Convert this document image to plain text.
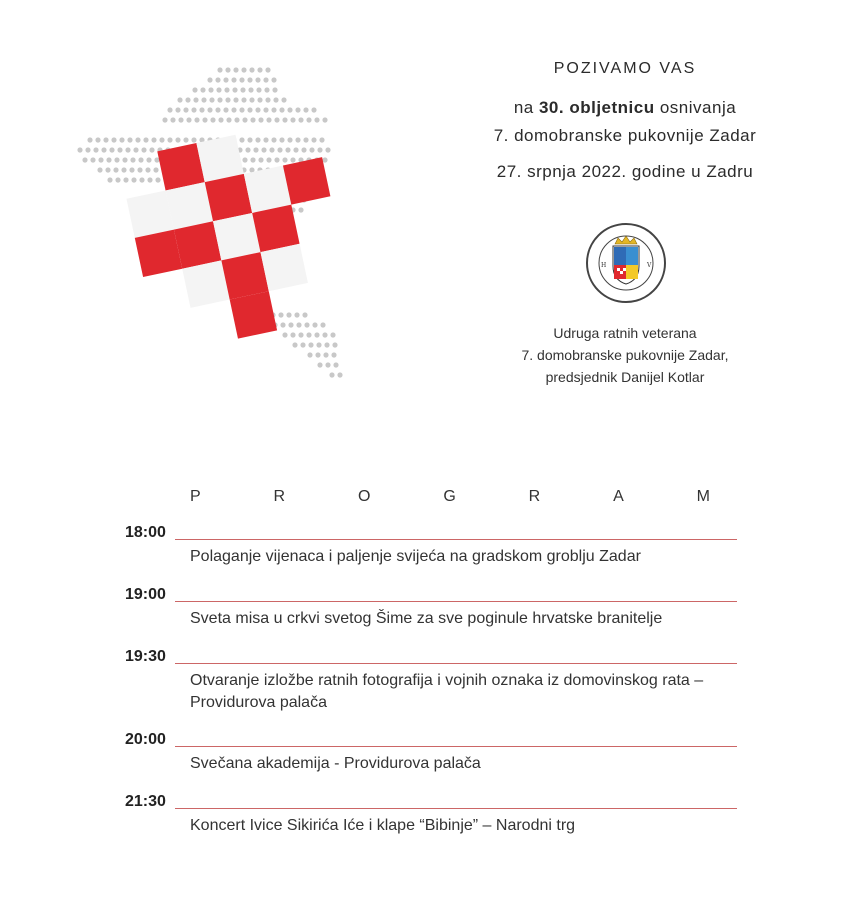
POZIVAMO VAS
na 30. obljetnicu osnivanja
7. domobranske pukovnije Zadar
27. srpnja 2022. godine u Zadru
H	V
Udruga ratnih veterana
7. domobranske pukovnije Zadar,
predsjednik Danijel Kotlar
P	R	O	G	R	A	M
18:00
Polaganje vijenaca i paljenje svijeća na gradskom groblju Zadar
19:00
Sveta misa u crkvi svetog Šime za sve poginule hrvatske branitelje
19:30
Otvaranje izložbe ratnih fotografija i vojnih oznaka iz domovinskog rata – Providurova palača
20:00
Svečana akademija - Providurova palača
21:30
Koncert Ivice Sikirića Iće i klape “Bibinje” – Narodni trg
